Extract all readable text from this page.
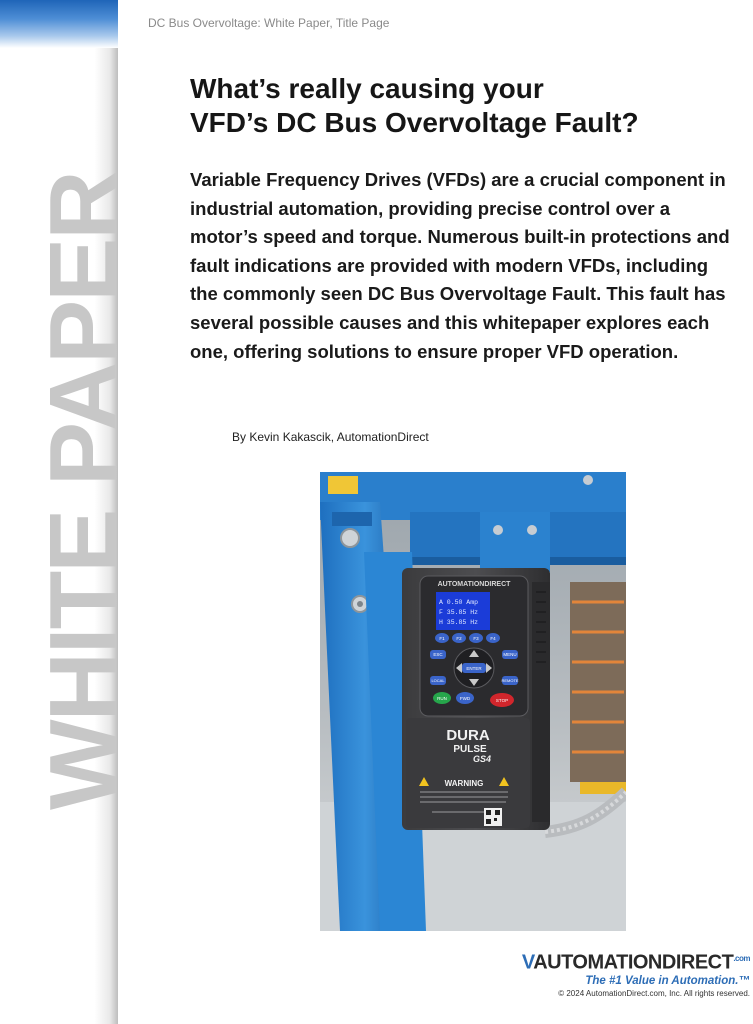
WHITE PAPER
DC Bus Overvoltage: White Paper, Title Page
What’s really causing your
VFD’s DC Bus Overvoltage Fault?

Variable Frequency Drives (VFDs) are a crucial component in industrial automation, providing precise control over a motor’s speed and torque. Numerous built-in protections and fault indications are provided with modern VFDs, including the commonly seen DC Bus Overvoltage Fault. This fault has several possible causes and this whitepaper explores each one, offering solutions to ensure proper VFD operation.

By Kevin Kakascik, AutomationDirect
AUTOMATIONDIRECT
A 0.50 Amp
F 35.85 Hz
H 35.85 Hz
F1	F2	F3	F4
ESC	MENU
ENTER
LOCAL	REMOTE
RUN	FWD	STOP
DURA
PULSE
GS4
WARNING
$VAUTOMATIONDIRECT^{.com}$
The #1 Value in Automation.™
© 2024 AutomationDirect.com, Inc. All rights reserved.
